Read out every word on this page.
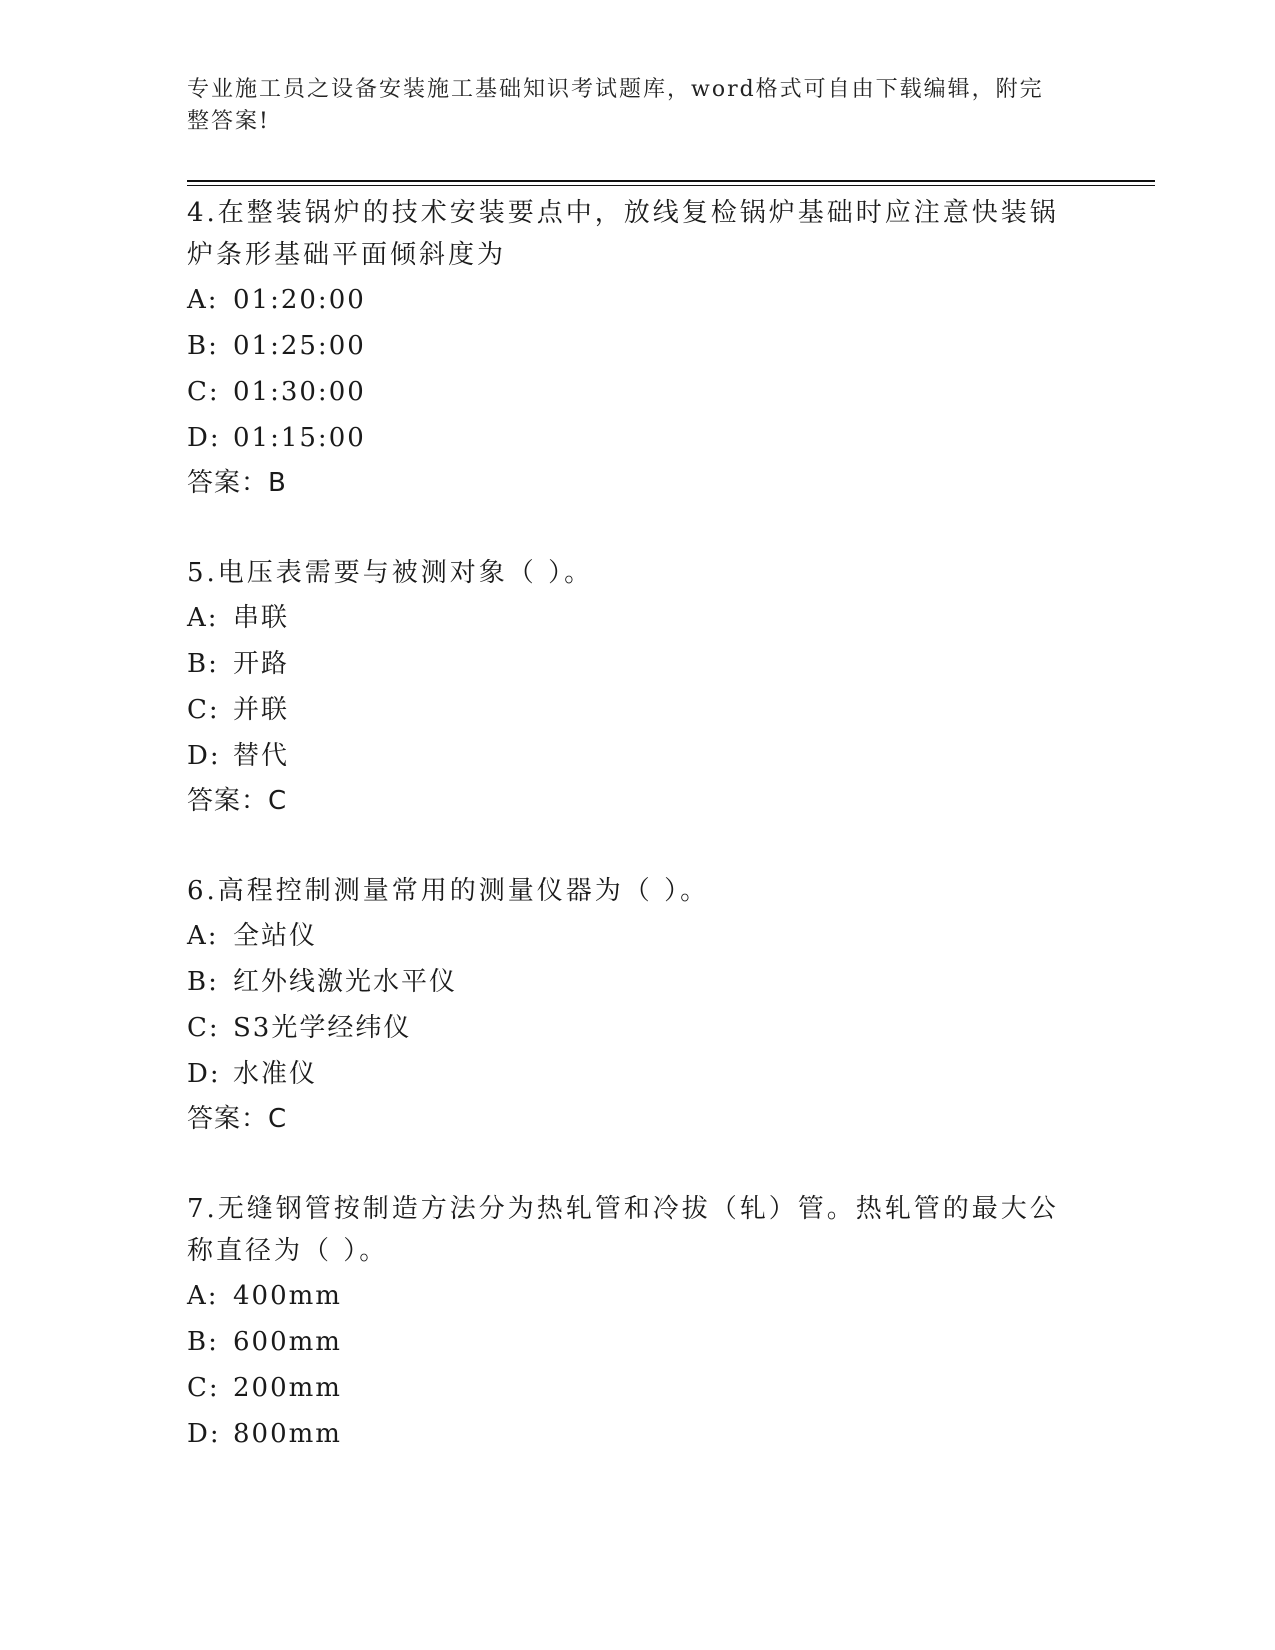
专业施工员之设备安装施工基础知识考试题库，word格式可自由下载编辑，附完整答案!
4.在整装锅炉的技术安装要点中，放线复检锅炉基础时应注意快装锅炉条形基础平面倾斜度为
A: 01:20:00
B: 01:25:00
C: 01:30:00
D: 01:15:00
答案：B
5.电压表需要与被测对象（ ）。
A: 串联
B: 开路
C: 并联
D: 替代
答案：C
6.高程控制测量常用的测量仪器为（ ）。
A: 全站仪
B: 红外线激光水平仪
C: S3光学经纬仪
D: 水准仪
答案：C
7.无缝钢管按制造方法分为热轧管和冷拔（轧）管。热轧管的最大公称直径为（ ）。
A: 400mm
B: 600mm
C: 200mm
D: 800mm
